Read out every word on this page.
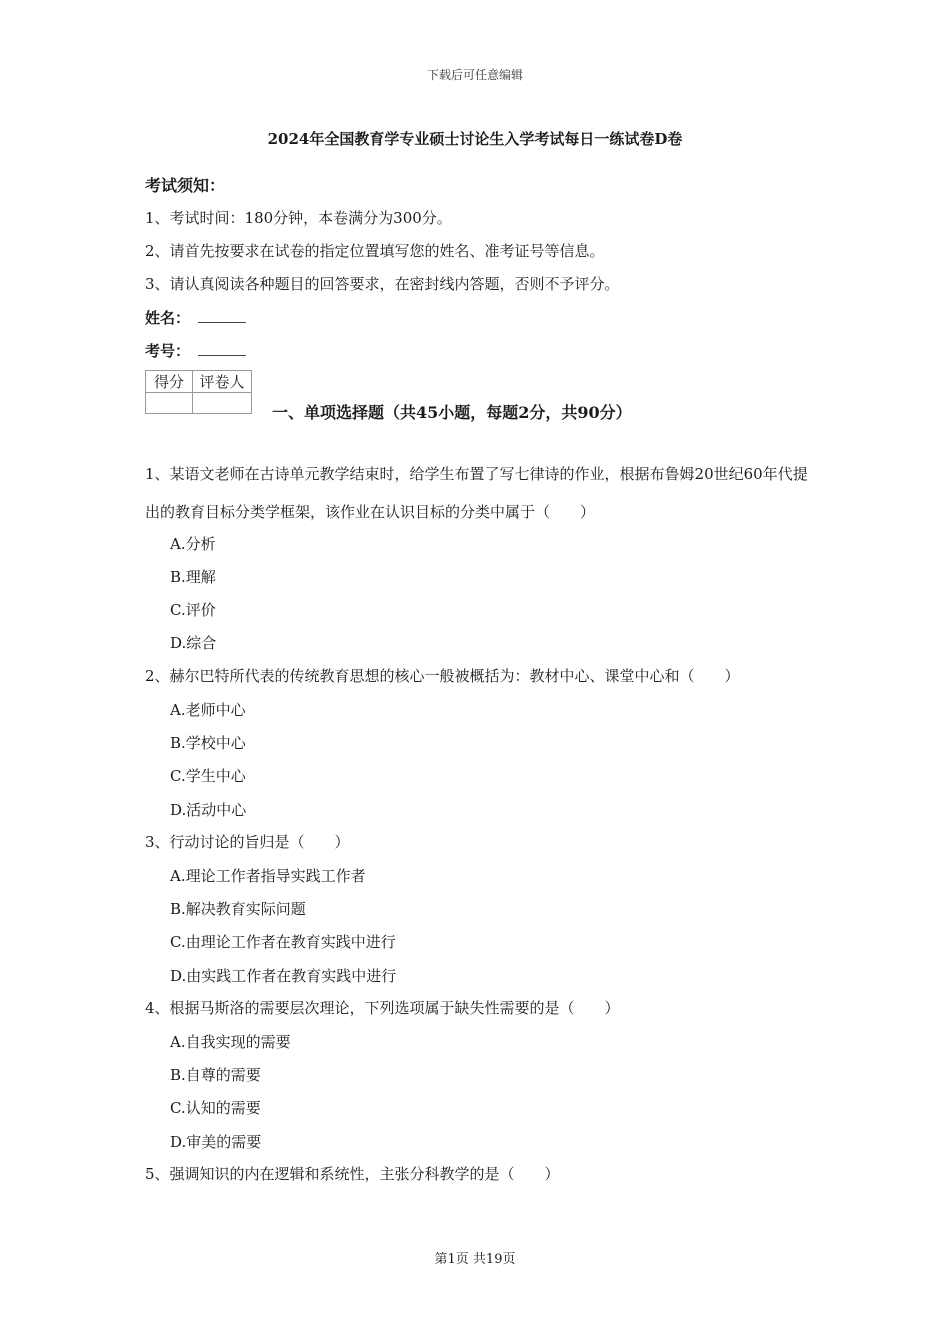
下载后可任意编辑
2024年全国教育学专业硕士讨论生入学考试每日一练试卷D卷
考试须知：
1、考试时间：180分钟，本卷满分为300分。
2、请首先按要求在试卷的指定位置填写您的姓名、准考证号等信息。
3、请认真阅读各种题目的回答要求，在密封线内答题，否则不予评分。
姓名：
考号：
得分	评卷人

一、单项选择题（共45小题，每题2分，共90分）
1、某语文老师在古诗单元教学结束时，给学生布置了写七律诗的作业，根据布鲁姆20世纪60年代提出的教育目标分类学框架，该作业在认识目标的分类中属于（　　）
A.分析
B.理解
C.评价
D.综合
2、赫尔巴特所代表的传统教育思想的核心一般被概括为：教材中心、课堂中心和（　　）
A.老师中心
B.学校中心
C.学生中心
D.活动中心
3、行动讨论的旨归是（　　）
A.理论工作者指导实践工作者
B.解决教育实际问题
C.由理论工作者在教育实践中进行
D.由实践工作者在教育实践中进行
4、根据马斯洛的需要层次理论，下列选项属于缺失性需要的是（　　）
A.自我实现的需要
B.自尊的需要
C.认知的需要
D.审美的需要
5、强调知识的内在逻辑和系统性，主张分科教学的是（　　）
第1页 共19页
